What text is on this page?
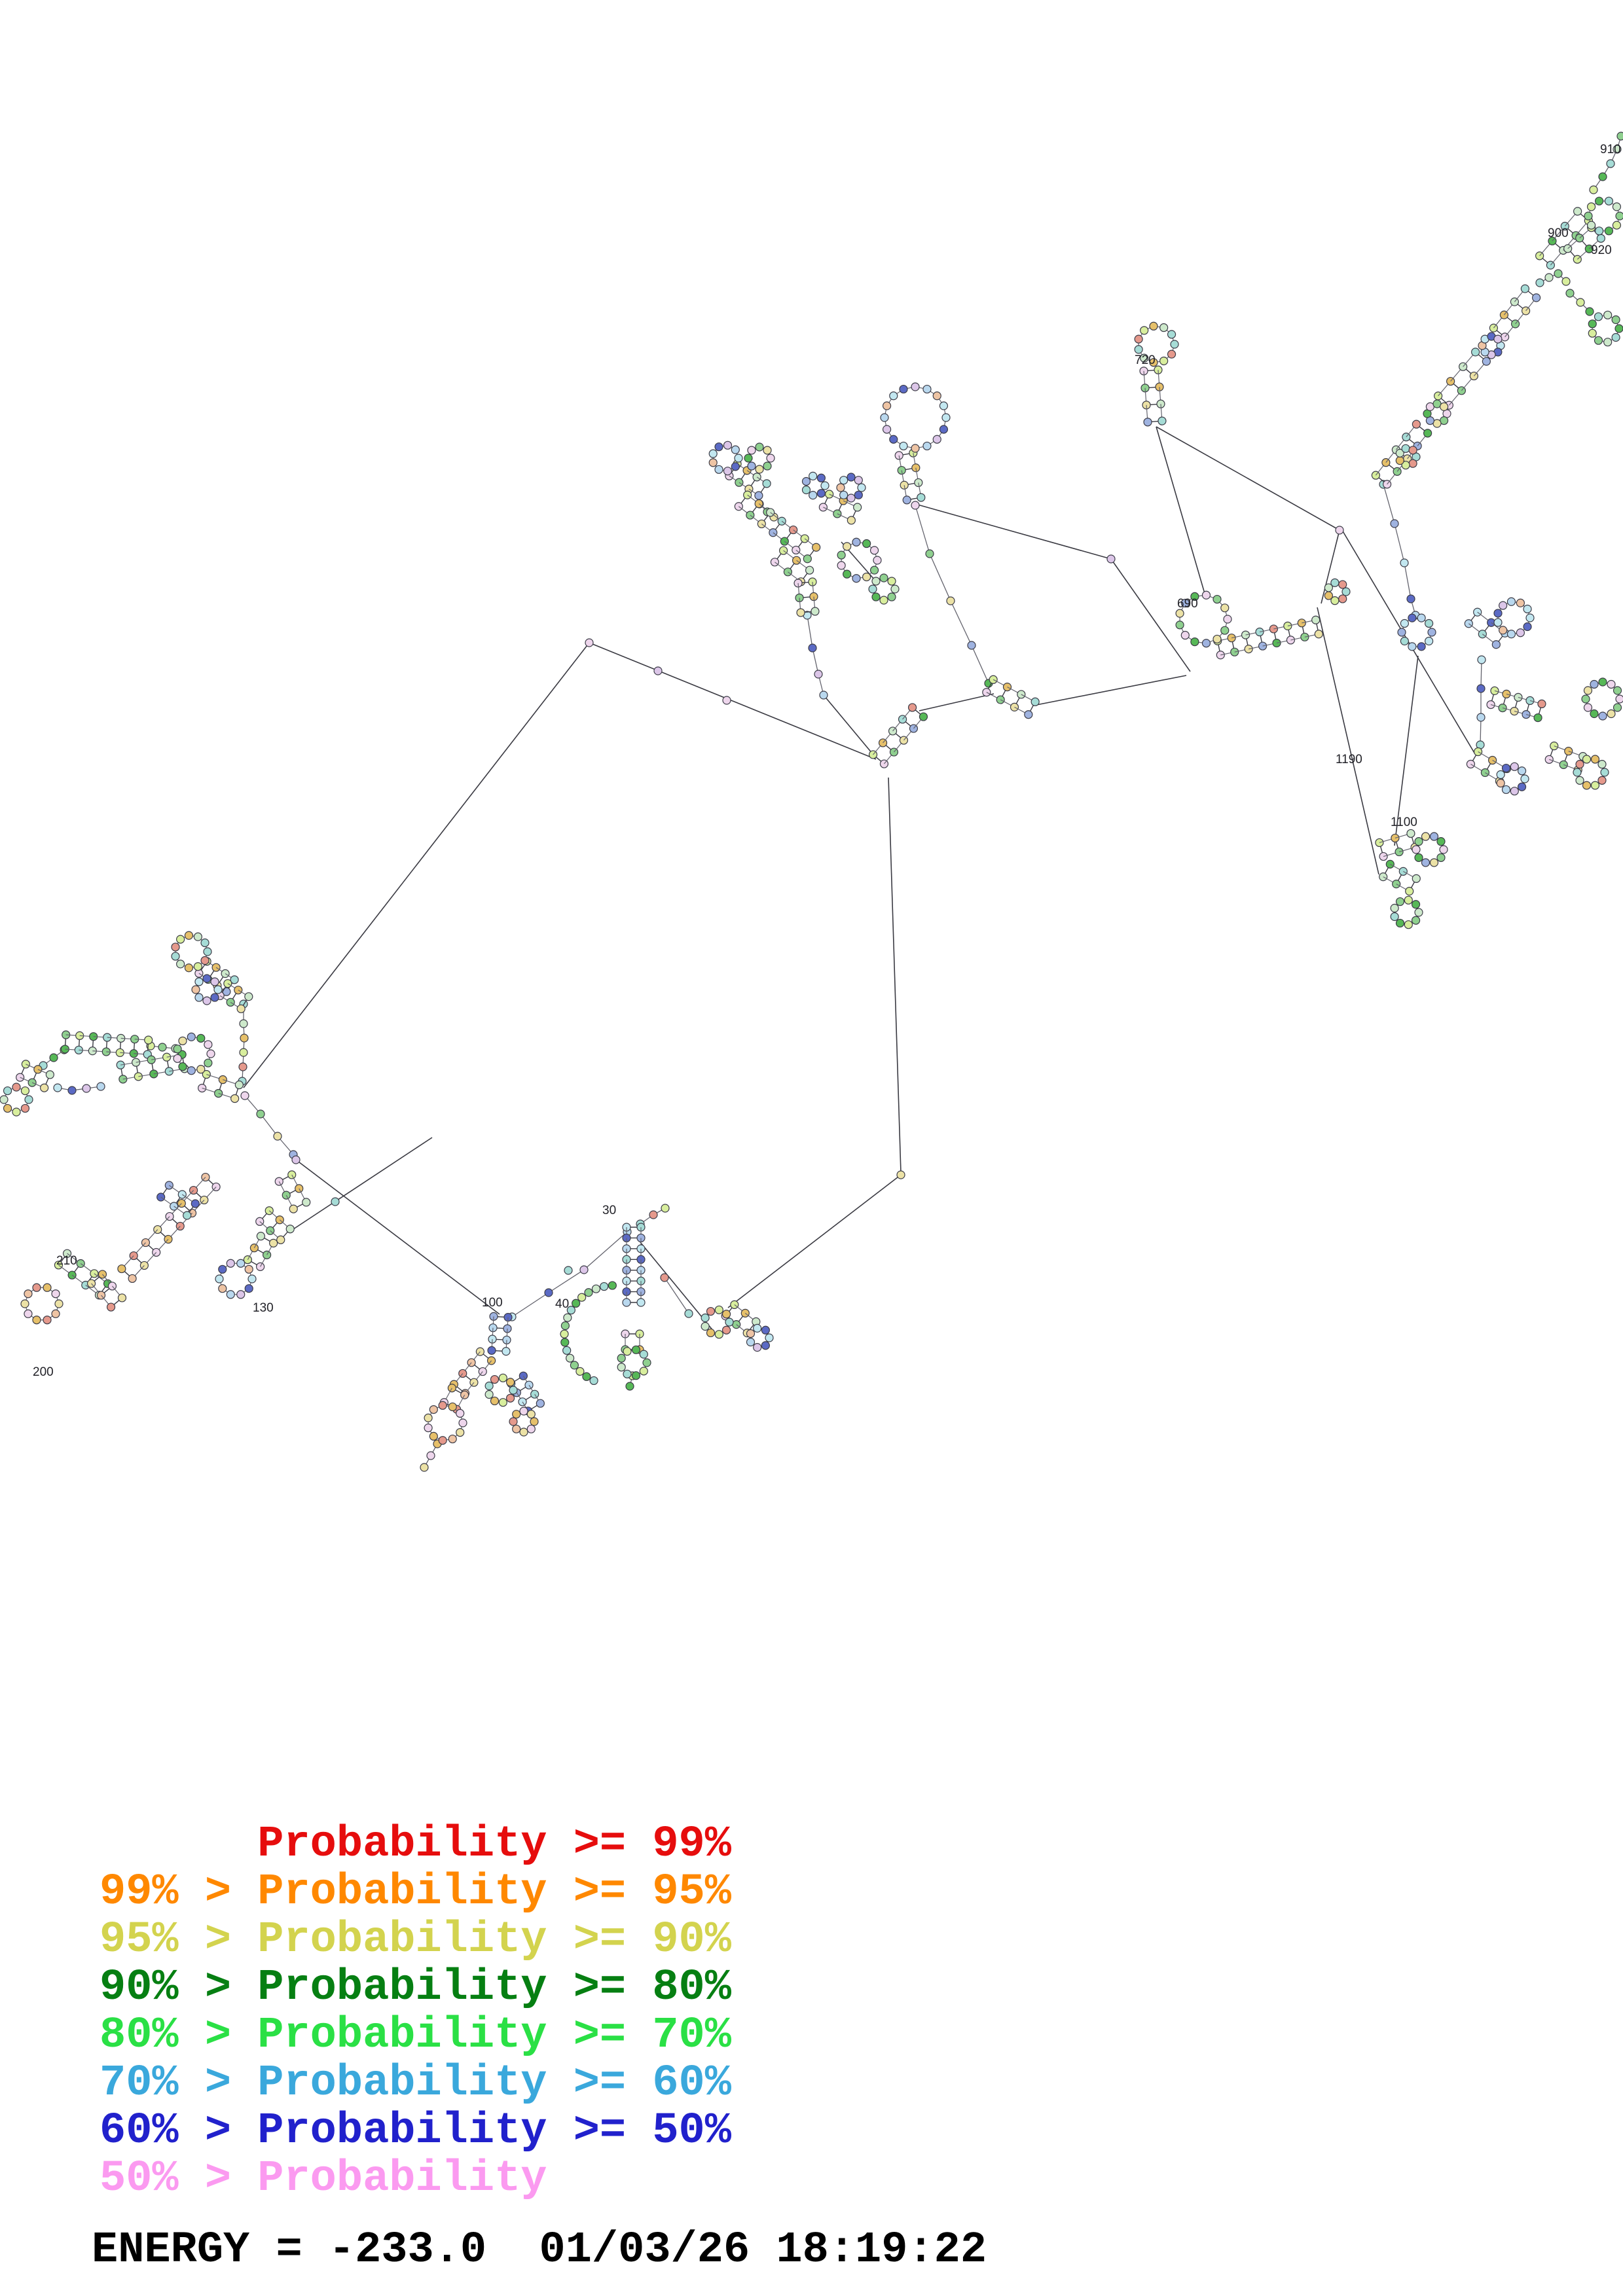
30
40
100
210
200
130
690
720
910
900
920
1100
1190
Probability >= 99%
99% > Probability >= 95%
95% > Probability >= 90%
90% > Probability >= 80%
80% > Probability >= 70%
70% > Probability >= 60%
60% > Probability >= 50%
50% > Probability
ENERGY = -233.0  01/03/26 18:19:22
